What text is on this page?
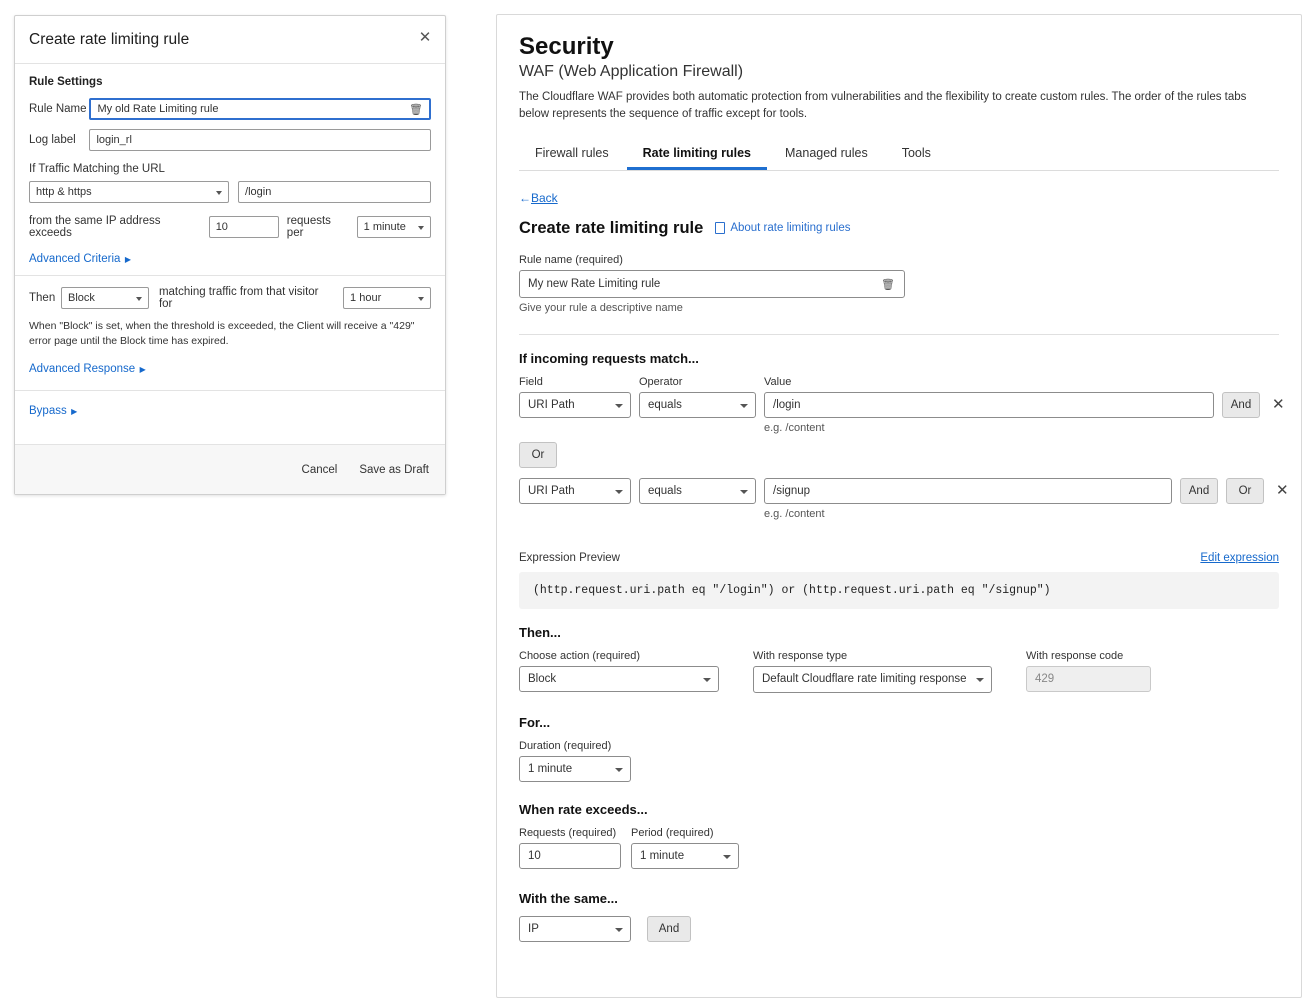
Create rate limiting rule	✕
Rule Settings
Rule Name My old Rate Limiting rule	🗑
Log label	login_rl
If Traffic Matching the URL
http & https	/login
from the same IP address exceeds	10	requests per	1 minute
Advanced Criteria ▶
Then	Block	matching traffic from that visitor for	1 hour
When "Block" is set, when the threshold is exceeded, the Client will receive a "429" error page until the Block time has expired.
Advanced Response ▶
Bypass ▶
Cancel Save as Draft
Security
WAF (Web Application Firewall)
The Cloudflare WAF provides both automatic protection from vulnerabilities and the flexibility to create custom rules. The order of the rules tabs below represents the sequence of traffic except for tools.
Firewall rules	Rate limiting rules	Managed rules	Tools
←Back
Create rate limiting rule About rate limiting rules
Rule name (required)
My new Rate Limiting rule	🗑
Give your rule a descriptive name
If incoming requests match...
Field	Operator	Value
URI Path	equals	/login
e.g. /content
And	✕
Or
URI Path	equals	/signup
e.g. /content
And	Or	✕
Expression Preview	Edit expression
(http.request.uri.path eq "/login") or (http.request.uri.path eq "/signup")
Then...
Choose action (required)
Block
With response type
Default Cloudflare rate limiting response
With response code
429
For...
Duration (required)
1 minute
When rate exceeds...
Requests (required)
10
Period (required)
1 minute
With the same...
IP	And
